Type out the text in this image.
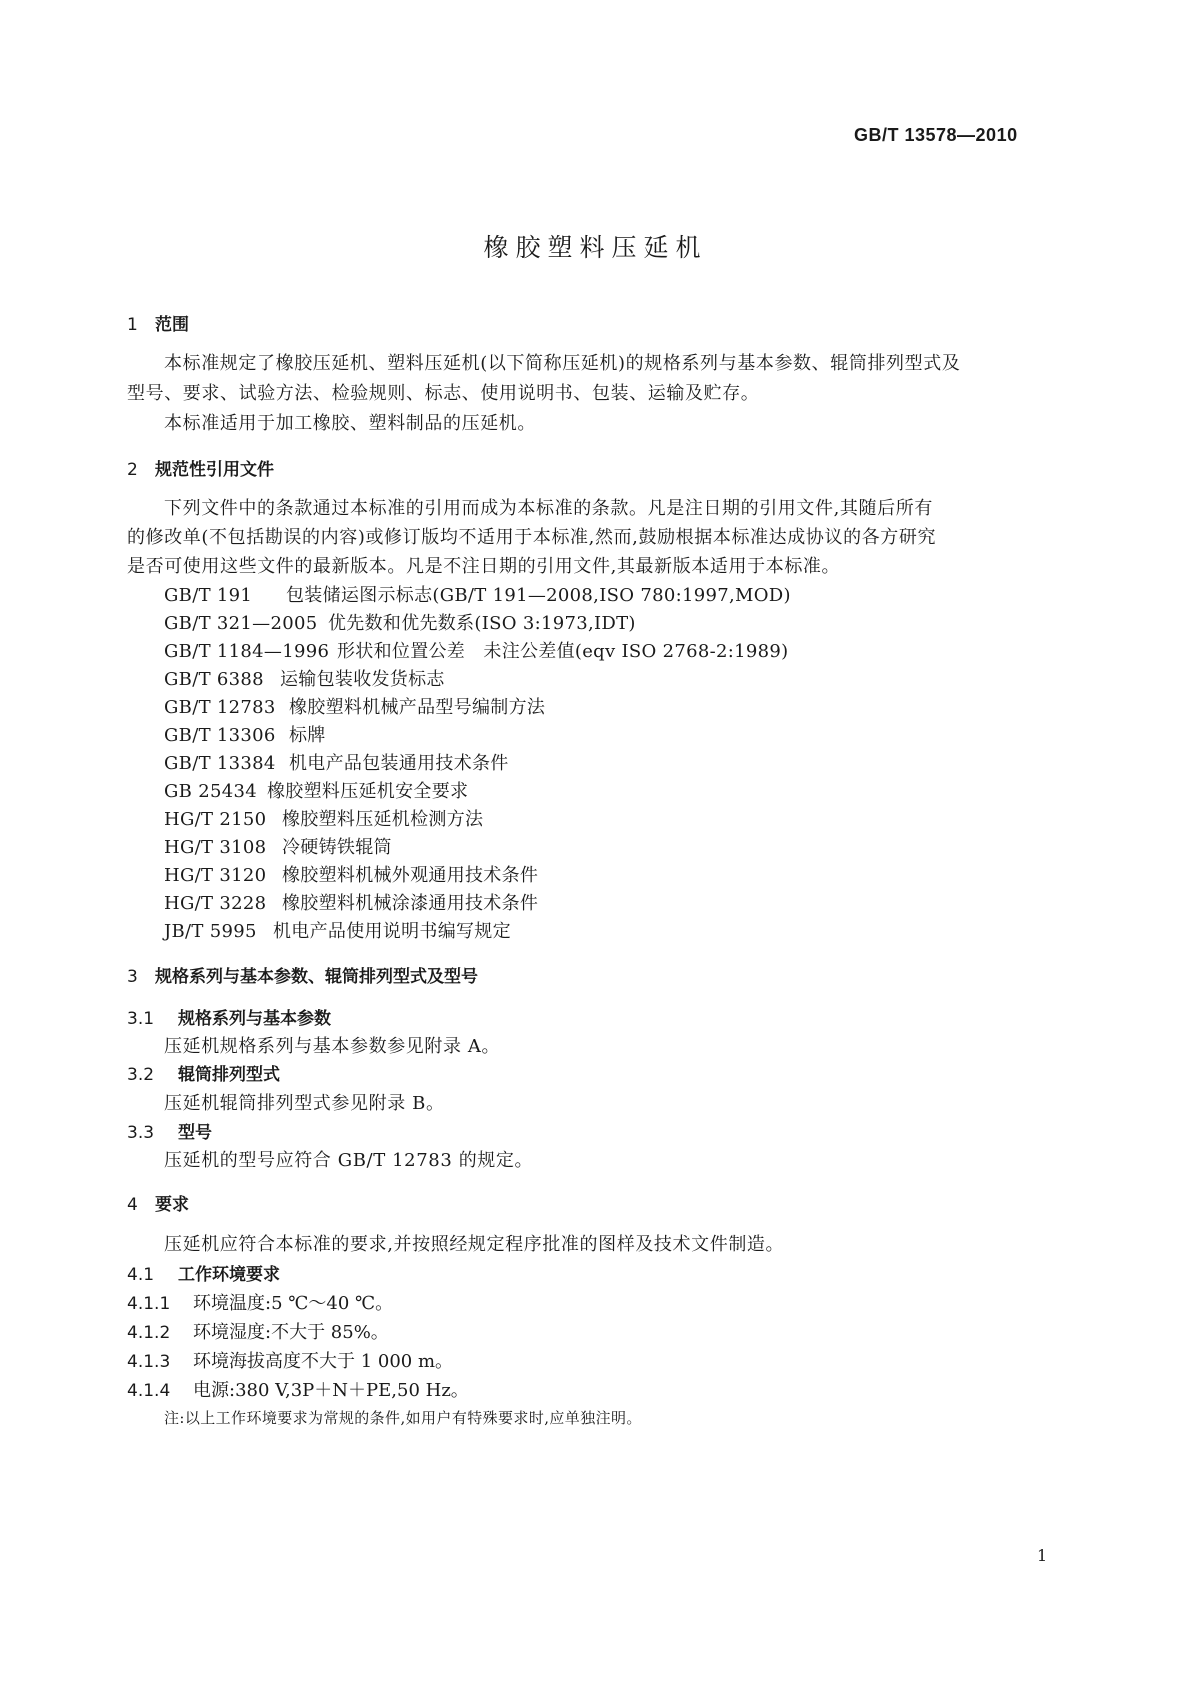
GB/T 13578—2010
橡胶塑料压延机
1 范围
本标准规定了橡胶压延机、塑料压延机(以下简称压延机)的规格系列与基本参数、辊筒排列型式及
型号、要求、试验方法、检验规则、标志、使用说明书、包装、运输及贮存。
本标准适用于加工橡胶、塑料制品的压延机。
2 规范性引用文件
下列文件中的条款通过本标准的引用而成为本标准的条款。凡是注日期的引用文件,其随后所有
的修改单(不包括勘误的内容)或修订版均不适用于本标准,然而,鼓励根据本标准达成协议的各方研究
是否可使用这些文件的最新版本。凡是不注日期的引用文件,其最新版本适用于本标准。
GB/T 191 包装储运图示标志(GB/T 191—2008,ISO 780:1997,MOD)
GB/T 321—2005 优先数和优先数系(ISO 3:1973,IDT)
GB/T 1184—1996 形状和位置公差　未注公差值(eqv ISO 2768-2:1989)
GB/T 6388 运输包装收发货标志
GB/T 12783 橡胶塑料机械产品型号编制方法
GB/T 13306 标牌
GB/T 13384 机电产品包装通用技术条件
GB 25434 橡胶塑料压延机安全要求
HG/T 2150 橡胶塑料压延机检测方法
HG/T 3108 冷硬铸铁辊筒
HG/T 3120 橡胶塑料机械外观通用技术条件
HG/T 3228 橡胶塑料机械涂漆通用技术条件
JB/T 5995 机电产品使用说明书编写规定
3 规格系列与基本参数、辊筒排列型式及型号
3.1 规格系列与基本参数
压延机规格系列与基本参数参见附录 A。
3.2 辊筒排列型式
压延机辊筒排列型式参见附录 B。
3.3 型号
压延机的型号应符合 GB/T 12783 的规定。
4 要求
压延机应符合本标准的要求,并按照经规定程序批准的图样及技术文件制造。
4.1 工作环境要求
4.1.1 环境温度:5 ℃～40 ℃。
4.1.2 环境湿度:不大于 85%。
4.1.3 环境海拔高度不大于 1 000 m。
4.1.4 电源:380 V,3P＋N＋PE,50 Hz。
注:以上工作环境要求为常规的条件,如用户有特殊要求时,应单独注明。
1
